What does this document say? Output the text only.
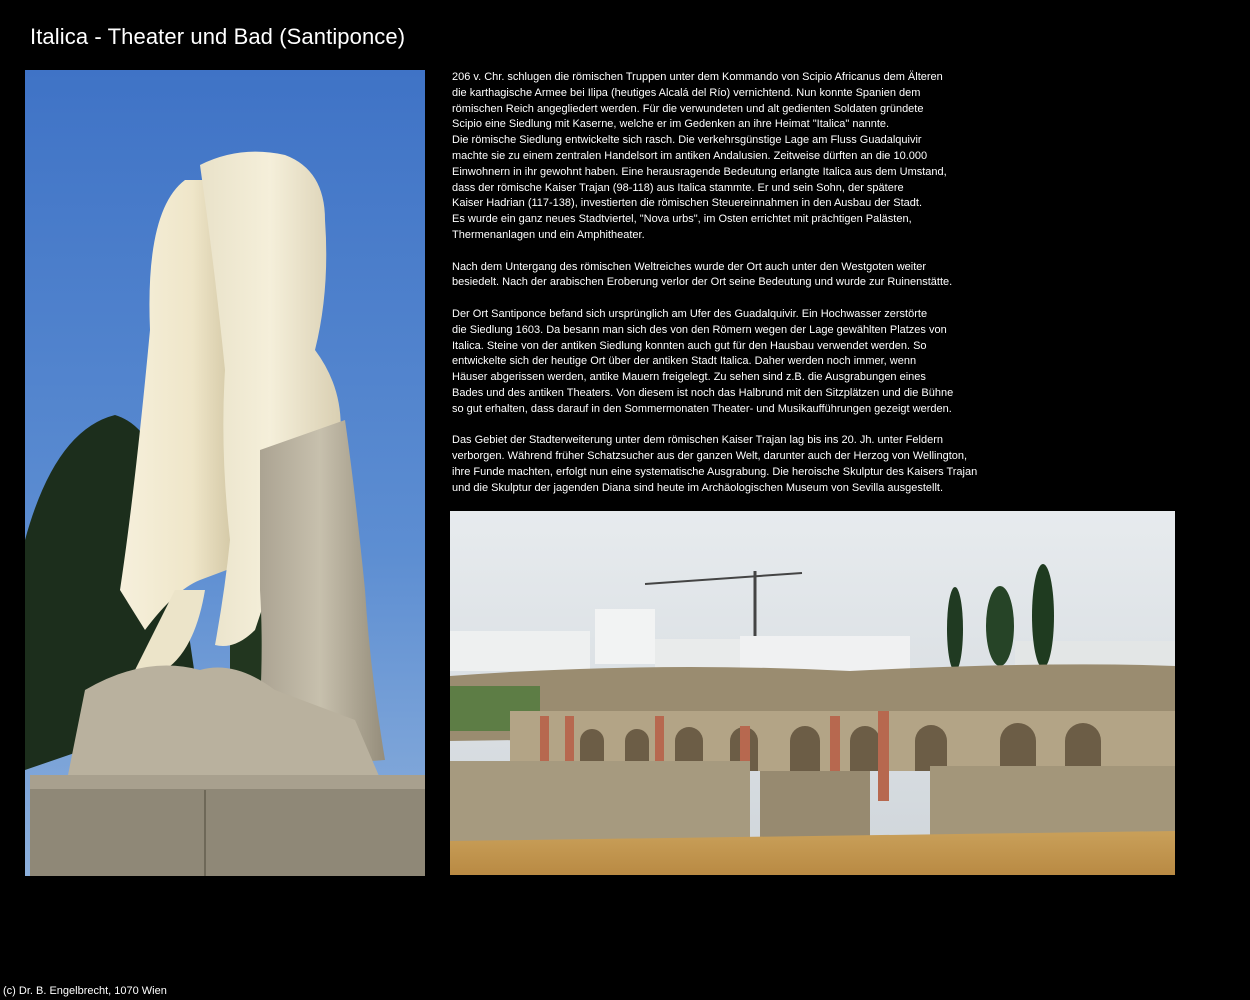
Italica - Theater und Bad (Santiponce)

206 v. Chr. schlugen die römischen Truppen unter dem Kommando von Scipio Africanus dem Älteren
die karthagische Armee bei Ilipa (heutiges Alcalá del Río) vernichtend. Nun konnte Spanien dem
römischen Reich angegliedert werden. Für die verwundeten und alt gedienten Soldaten gründete
Scipio eine Siedlung mit Kaserne, welche er im Gedenken an ihre Heimat "Italica" nannte.
Die römische Siedlung entwickelte sich rasch. Die verkehrsgünstige Lage am Fluss Guadalquivir
machte sie zu einem zentralen Handelsort im antiken Andalusien. Zeitweise dürften an die 10.000
Einwohnern in ihr gewohnt haben. Eine herausragende Bedeutung erlangte Italica aus dem Umstand,
dass der römische Kaiser Trajan (98-118) aus Italica stammte. Er und sein Sohn, der spätere
Kaiser Hadrian (117-138), investierten die römischen Steuereinnahmen in den Ausbau der Stadt.
Es wurde ein ganz neues Stadtviertel, "Nova urbs", im Osten errichtet mit prächtigen Palästen,
Thermenanlagen und ein Amphitheater.

Nach dem Untergang des römischen Weltreiches wurde der Ort auch unter den Westgoten weiter
besiedelt. Nach der arabischen Eroberung verlor der Ort seine Bedeutung und wurde zur Ruinenstätte.

Der Ort Santiponce befand sich ursprünglich am Ufer des Guadalquivir. Ein Hochwasser zerstörte
die Siedlung 1603. Da besann man sich des von den Römern wegen der Lage gewählten Platzes von
Italica. Steine von der antiken Siedlung konnten auch gut für den Hausbau verwendet werden. So
entwickelte sich der heutige Ort über der antiken Stadt Italica. Daher werden noch immer, wenn
Häuser abgerissen werden, antike Mauern freigelegt. Zu sehen sind z.B. die Ausgrabungen eines
Bades und des antiken Theaters. Von diesem ist noch das Halbrund mit den Sitzplätzen und die Bühne
so gut erhalten, dass darauf in den Sommermonaten Theater- und Musikaufführungen gezeigt werden.

Das Gebiet der Stadterweiterung unter dem römischen Kaiser Trajan lag bis ins 20. Jh. unter Feldern
verborgen. Während früher Schatzsucher aus der ganzen Welt, darunter auch der Herzog von Wellington,
ihre Funde machten, erfolgt nun eine systematische Ausgrabung. Die heroische Skulptur des Kaisers Trajan
und die Skulptur der jagenden Diana sind heute im Archäologischen Museum von Sevilla ausgestellt.

(c) Dr. B. Engelbrecht, 1070 Wien
